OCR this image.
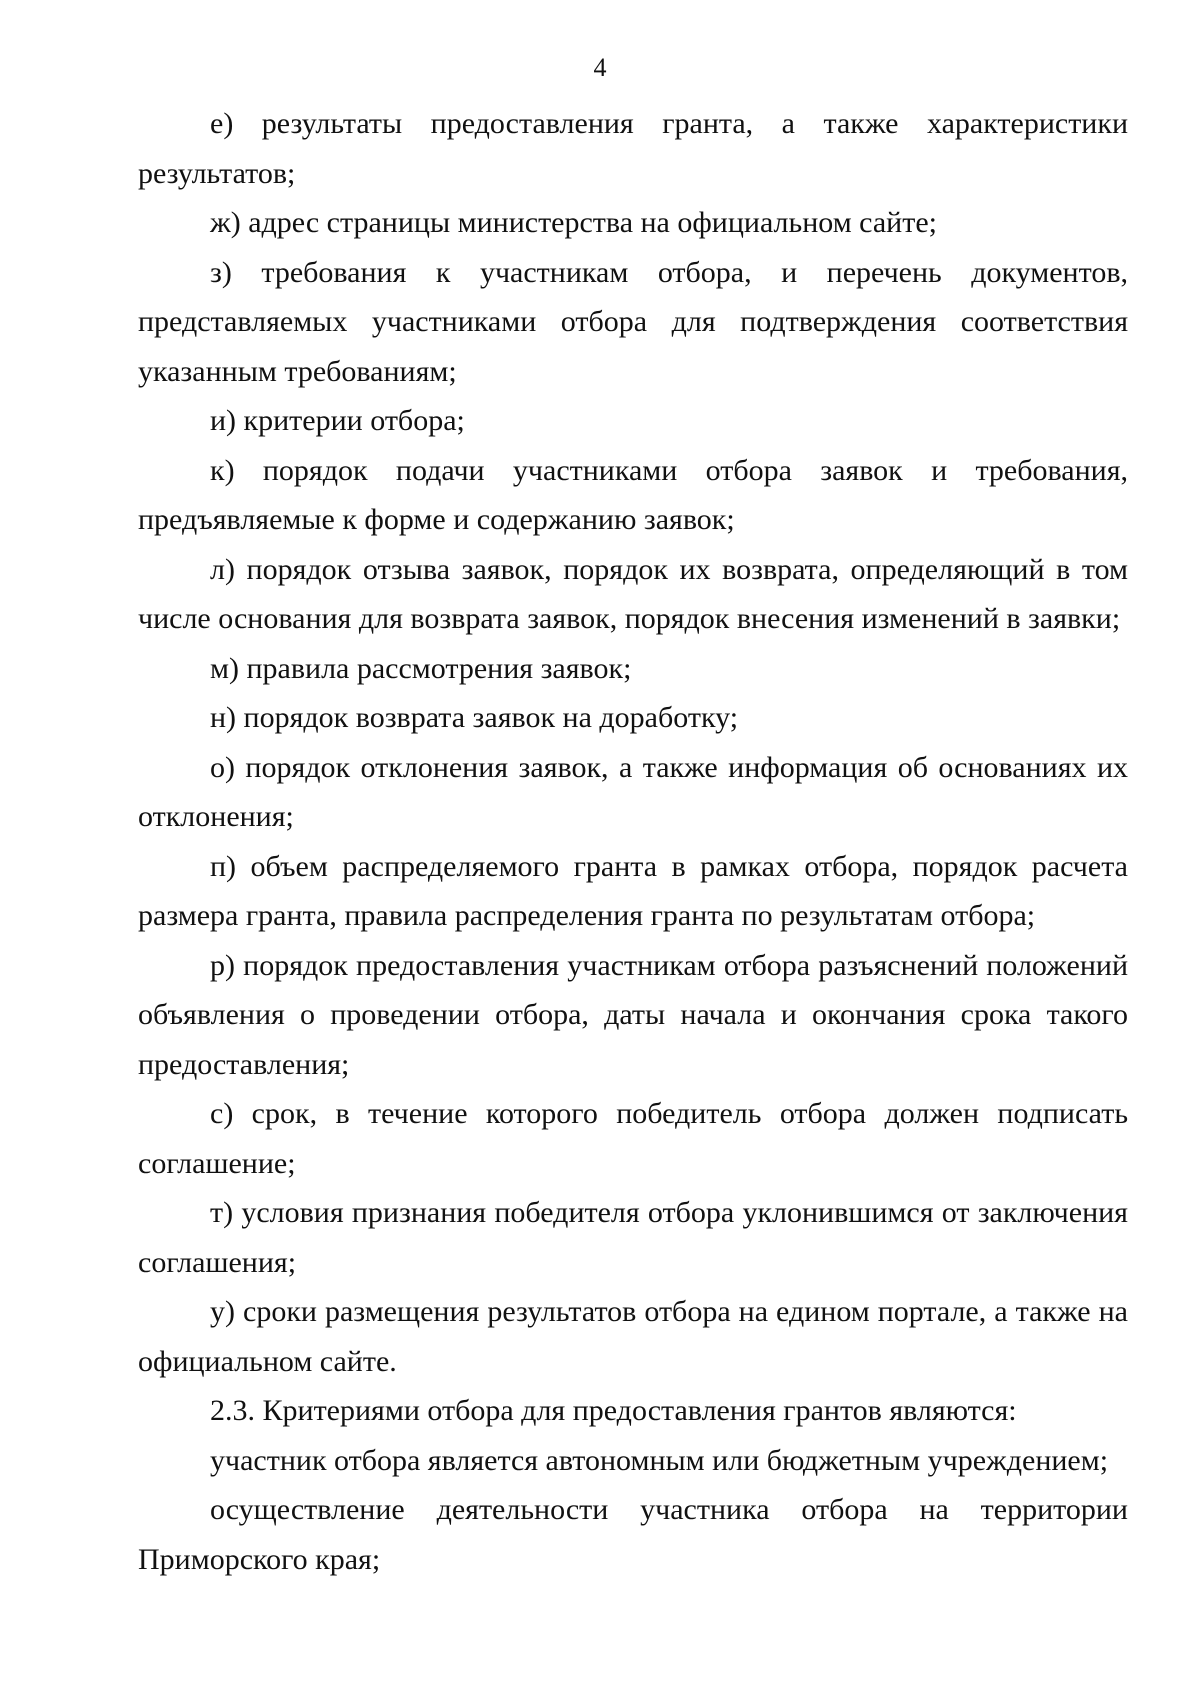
4

е) результаты предоставления гранта, а также характеристики результатов;

ж) адрес страницы министерства на официальном сайте;

з) требования к участникам отбора, и перечень документов, представляемых участниками отбора для подтверждения соответствия указанным требованиям;

и) критерии отбора;

к) порядок подачи участниками отбора заявок и требования, предъявляемые к форме и содержанию заявок;

л) порядок отзыва заявок, порядок их возврата, определяющий в том числе основания для возврата заявок, порядок внесения изменений в заявки;

м) правила рассмотрения заявок;

н) порядок возврата заявок на доработку;

о) порядок отклонения заявок, а также информация об основаниях их отклонения;

п) объем распределяемого гранта в рамках отбора, порядок расчета размера гранта, правила распределения гранта по результатам отбора;

р) порядок предоставления участникам отбора разъяснений положений объявления о проведении отбора, даты начала и окончания срока такого предоставления;

с) срок, в течение которого победитель отбора должен подписать соглашение;

т) условия признания победителя отбора уклонившимся от заключения соглашения;

у) сроки размещения результатов отбора на едином портале, а также на официальном сайте.

2.3. Критериями отбора для предоставления грантов являются:

участник отбора является автономным или бюджетным учреждением;

осуществление деятельности участника отбора на территории Приморского края;
